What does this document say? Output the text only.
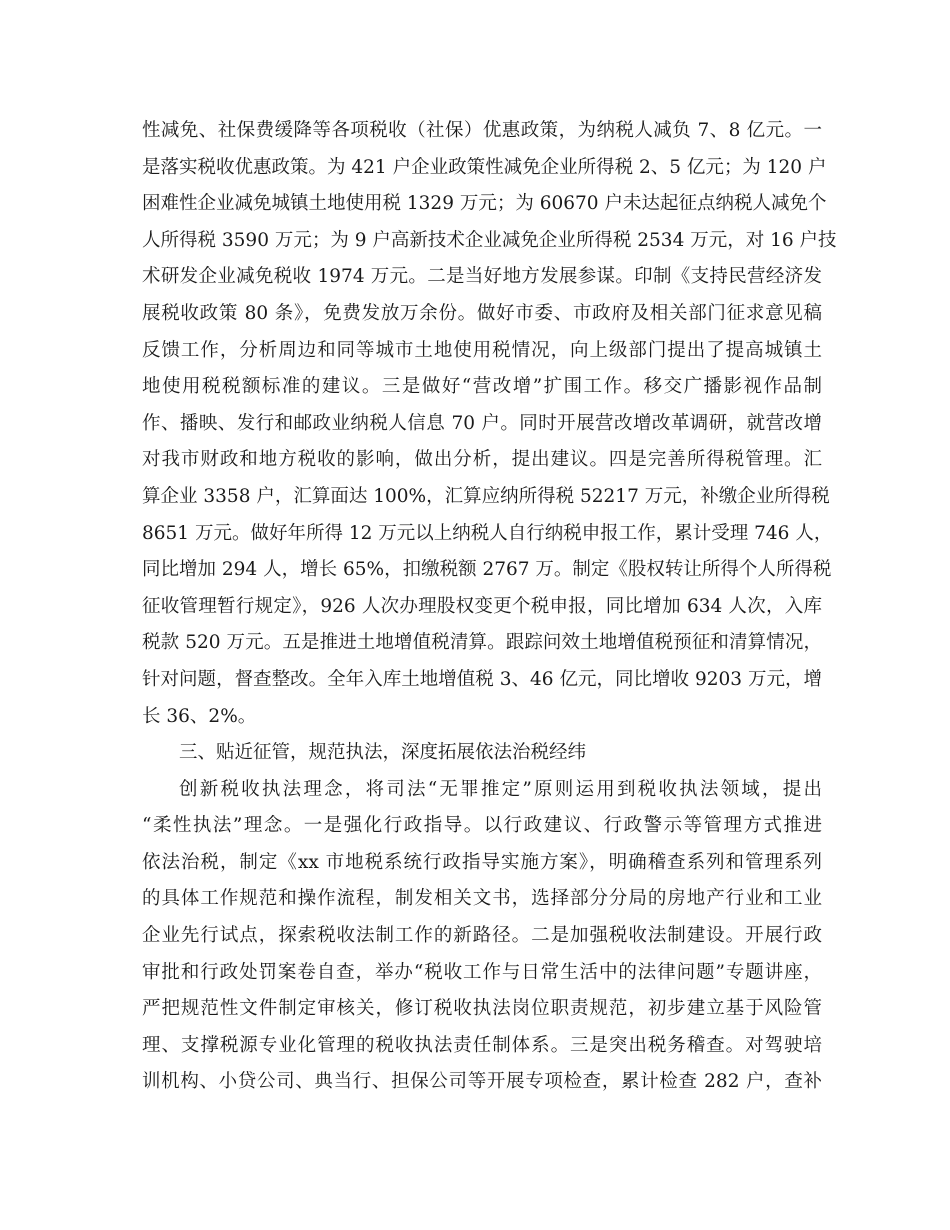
性减免、社保费缓降等各项税收（社保）优惠政策，为纳税人减负 7、8 亿元。一
是落实税收优惠政策。为 421 户企业政策性减免企业所得税 2、5 亿元；为 120 户
困难性企业减免城镇土地使用税 1329 万元；为 60670 户未达起征点纳税人减免个
人所得税 3590 万元；为 9 户高新技术企业减免企业所得税 2534 万元，对 16 户技
术研发企业减免税收 1974 万元。二是当好地方发展参谋。印制《支持民营经济发
展税收政策 80 条》，免费发放万余份。做好市委、市政府及相关部门征求意见稿
反馈工作，分析周边和同等城市土地使用税情况，向上级部门提出了提高城镇土
地使用税税额标准的建议。三是做好“营改增”扩围工作。移交广播影视作品制
作、播映、发行和邮政业纳税人信息 70 户。同时开展营改增改革调研，就营改增
对我市财政和地方税收的影响，做出分析，提出建议。四是完善所得税管理。汇
算企业 3358 户，汇算面达 100%，汇算应纳所得税 52217 万元，补缴企业所得税
8651 万元。做好年所得 12 万元以上纳税人自行纳税申报工作，累计受理 746 人，
同比增加 294 人，增长 65%，扣缴税额 2767 万。制定《股权转让所得个人所得税
征收管理暂行规定》，926 人次办理股权变更个税申报，同比增加 634 人次，入库
税款 520 万元。五是推进土地增值税清算。跟踪问效土地增值税预征和清算情况，
针对问题，督查整改。全年入库土地增值税 3、46 亿元，同比增收 9203 万元，增
长 36、2%。
三、贴近征管，规范执法，深度拓展依法治税经纬
创新税收执法理念，将司法“无罪推定”原则运用到税收执法领域，提出
“柔性执法”理念。一是强化行政指导。以行政建议、行政警示等管理方式推进
依法治税，制定《xx 市地税系统行政指导实施方案》，明确稽查系列和管理系列
的具体工作规范和操作流程，制发相关文书，选择部分分局的房地产行业和工业
企业先行试点，探索税收法制工作的新路径。二是加强税收法制建设。开展行政
审批和行政处罚案卷自查，举办“税收工作与日常生活中的法律问题”专题讲座，
严把规范性文件制定审核关，修订税收执法岗位职责规范，初步建立基于风险管
理、支撑税源专业化管理的税收执法责任制体系。三是突出税务稽查。对驾驶培
训机构、小贷公司、典当行、担保公司等开展专项检查，累计检查 282 户，查补
